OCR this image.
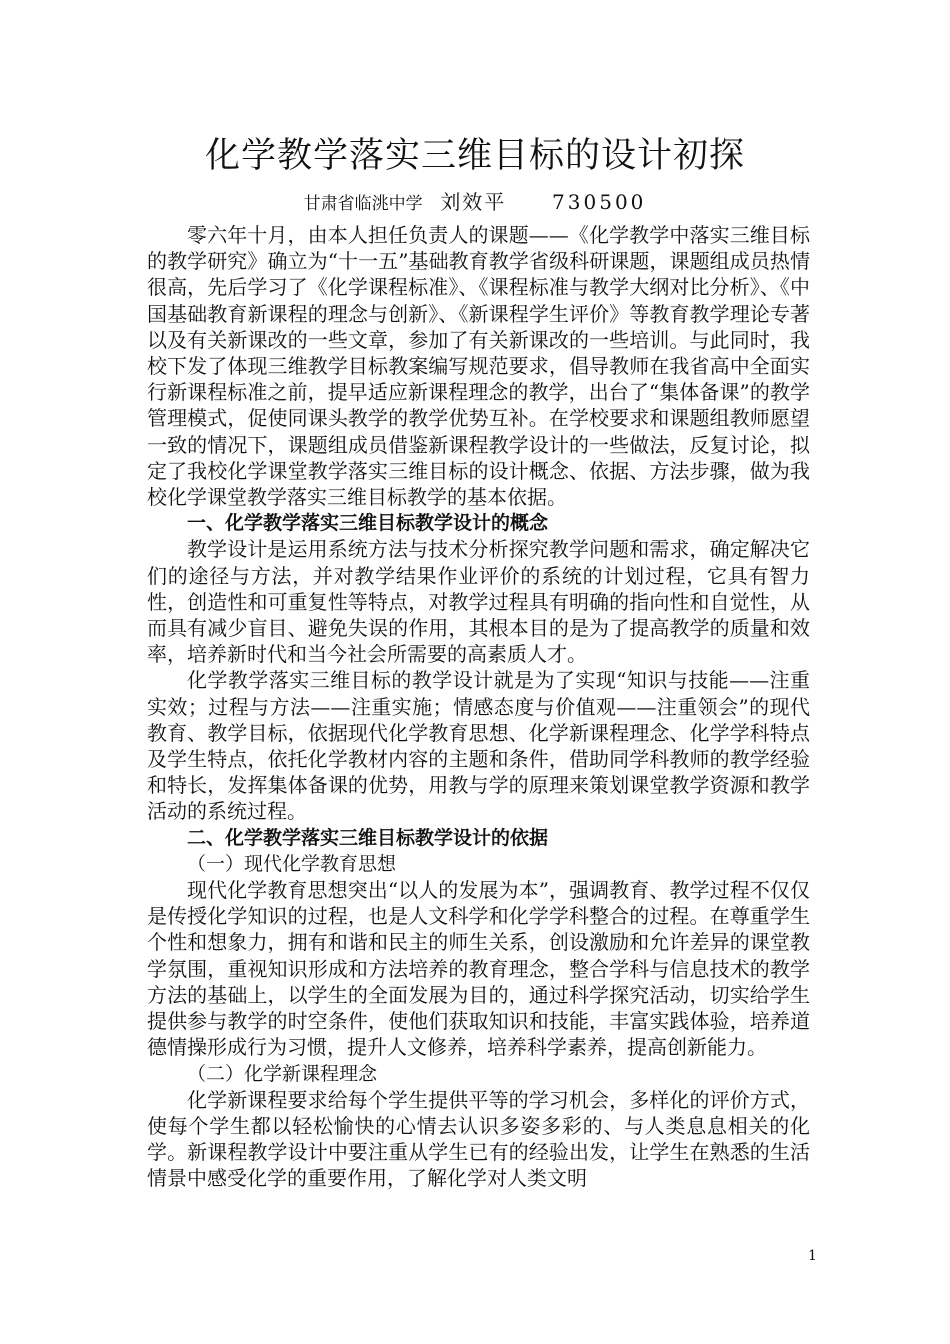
化学教学落实三维目标的设计初探
甘肃省临洮中学 刘效平 730500

零六年十月，由本人担任负责人的课题——《化学教学中落实三维目标的教学研究》确立为“十一五”基础教育教学省级科研课题，课题组成员热情很高，先后学习了《化学课程标准》、《课程标准与教学大纲对比分析》、《中国基础教育新课程的理念与创新》、《新课程学生评价》等教育教学理论专著以及有关新课改的一些文章，参加了有关新课改的一些培训。与此同时，我校下发了体现三维教学目标教案编写规范要求，倡导教师在我省高中全面实行新课程标准之前，提早适应新课程理念的教学，出台了“集体备课”的教学管理模式，促使同课头教学的教学优势互补。在学校要求和课题组教师愿望一致的情况下，课题组成员借鉴新课程教学设计的一些做法，反复讨论，拟定了我校化学课堂教学落实三维目标的设计概念、依据、方法步骤，做为我校化学课堂教学落实三维目标教学的基本依据。

一、化学教学落实三维目标教学设计的概念

教学设计是运用系统方法与技术分析探究教学问题和需求，确定解决它们的途径与方法，并对教学结果作业评价的系统的计划过程，它具有智力性，创造性和可重复性等特点，对教学过程具有明确的指向性和自觉性，从而具有减少盲目、避免失误的作用，其根本目的是为了提高教学的质量和效率，培养新时代和当今社会所需要的高素质人才。

化学教学落实三维目标的教学设计就是为了实现“知识与技能——注重实效；过程与方法——注重实施；情感态度与价值观——注重领会”的现代教育、教学目标，依据现代化学教育思想、化学新课程理念、化学学科特点及学生特点，依托化学教材内容的主题和条件，借助同学科教师的教学经验和特长，发挥集体备课的优势，用教与学的原理来策划课堂教学资源和教学活动的系统过程。

二、化学教学落实三维目标教学设计的依据

（一）现代化学教育思想

现代化学教育思想突出“以人的发展为本”，强调教育、教学过程不仅仅是传授化学知识的过程，也是人文科学和化学学科整合的过程。在尊重学生个性和想象力，拥有和谐和民主的师生关系，创设激励和允许差异的课堂教学氛围，重视知识形成和方法培养的教育理念，整合学科与信息技术的教学方法的基础上，以学生的全面发展为目的，通过科学探究活动，切实给学生提供参与教学的时空条件，使他们获取知识和技能，丰富实践体验，培养道德情操形成行为习惯，提升人文修养，培养科学素养，提高创新能力。

（二）化学新课程理念

化学新课程要求给每个学生提供平等的学习机会，多样化的评价方式，使每个学生都以轻松愉快的心情去认识多姿多彩的、与人类息息相关的化学。新课程教学设计中要注重从学生已有的经验出发，让学生在熟悉的生活情景中感受化学的重要作用，了解化学对人类文明

1
